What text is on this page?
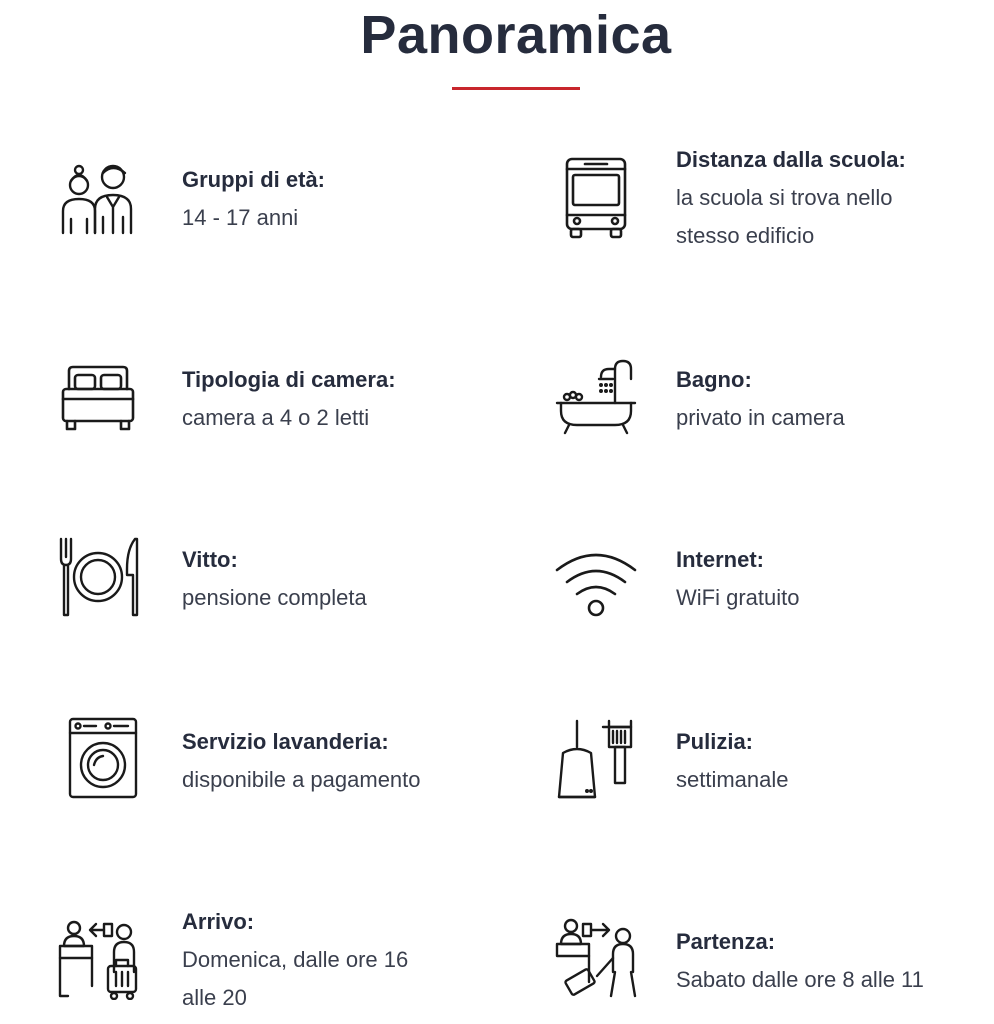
Panoramica
Gruppi di età:
14 - 17 anni
Distanza dalla scuola:
la scuola si trova nello stesso edificio
Tipologia di camera:
camera a 4 o 2 letti
Bagno:
privato in camera
Vitto:
pensione completa
Internet:
WiFi gratuito
Servizio lavanderia:
disponibile a pagamento
Pulizia:
settimanale
Arrivo:
Domenica, dalle ore 16 alle 20
Partenza:
Sabato dalle ore 8 alle 11
